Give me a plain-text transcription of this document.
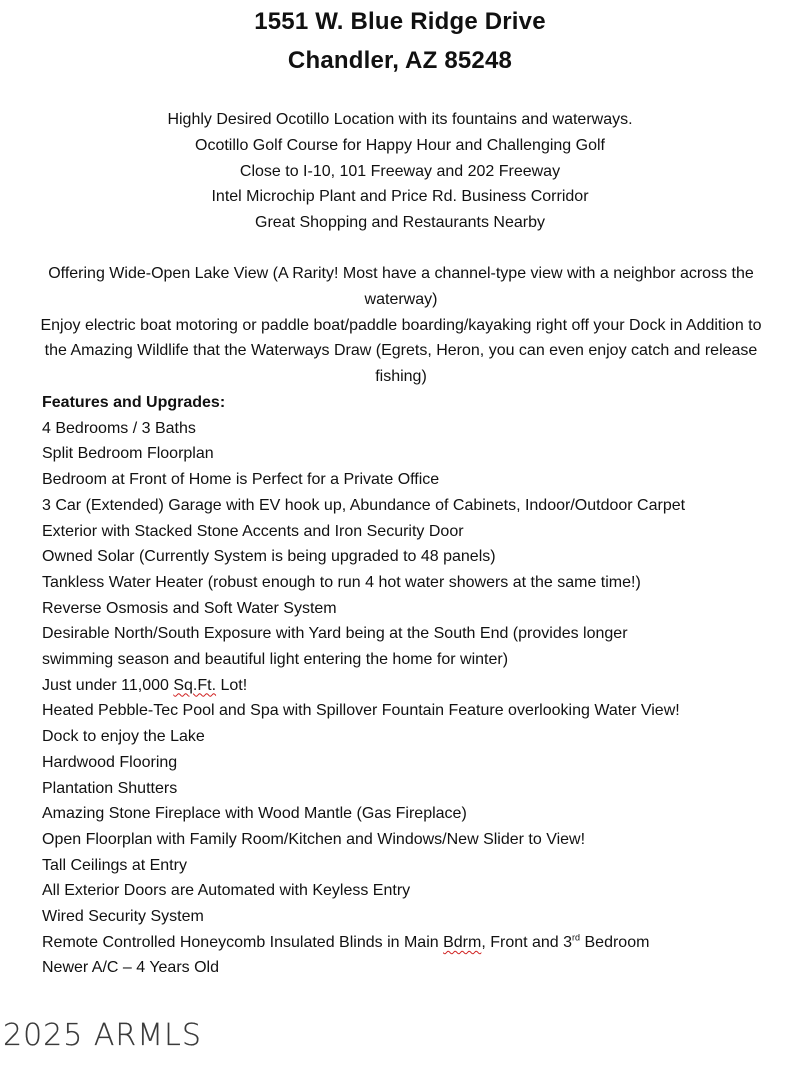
1551 W. Blue Ridge Drive
Chandler, AZ 85248
Highly Desired Ocotillo Location with its fountains and waterways.
Ocotillo Golf Course for Happy Hour and Challenging Golf
Close to I-10, 101 Freeway and 202 Freeway
Intel Microchip Plant and Price Rd. Business Corridor
Great Shopping and Restaurants Nearby

Offering Wide-Open Lake View (A Rarity! Most have a channel-type view with a neighbor across the waterway)

Enjoy electric boat motoring or paddle boat/paddle boarding/kayaking right off your Dock in Addition to the Amazing Wildlife that the Waterways Draw (Egrets, Heron, you can even enjoy catch and release fishing)

Features and Upgrades:
4 Bedrooms / 3 Baths
Split Bedroom Floorplan
Bedroom at Front of Home is Perfect for a Private Office
3 Car (Extended) Garage with EV hook up, Abundance of Cabinets, Indoor/Outdoor Carpet
Exterior with Stacked Stone Accents and Iron Security Door
Owned Solar (Currently System is being upgraded to 48 panels)
Tankless Water Heater (robust enough to run 4 hot water showers at the same time!)
Reverse Osmosis and Soft Water System
Desirable North/South Exposure with Yard being at the South End (provides longer swimming season and beautiful light entering the home for winter)
Just under 11,000 Sq.Ft. Lot!
Heated Pebble-Tec Pool and Spa with Spillover Fountain Feature overlooking Water View!
Dock to enjoy the Lake
Hardwood Flooring
Plantation Shutters
Amazing Stone Fireplace with Wood Mantle (Gas Fireplace)
Open Floorplan with Family Room/Kitchen and Windows/New Slider to View!
Tall Ceilings at Entry
All Exterior Doors are Automated with Keyless Entry
Wired Security System
Remote Controlled Honeycomb Insulated Blinds in Main Bdrm, Front and 3rd Bedroom
Newer A/C – 4 Years Old
2025 ARMLS
